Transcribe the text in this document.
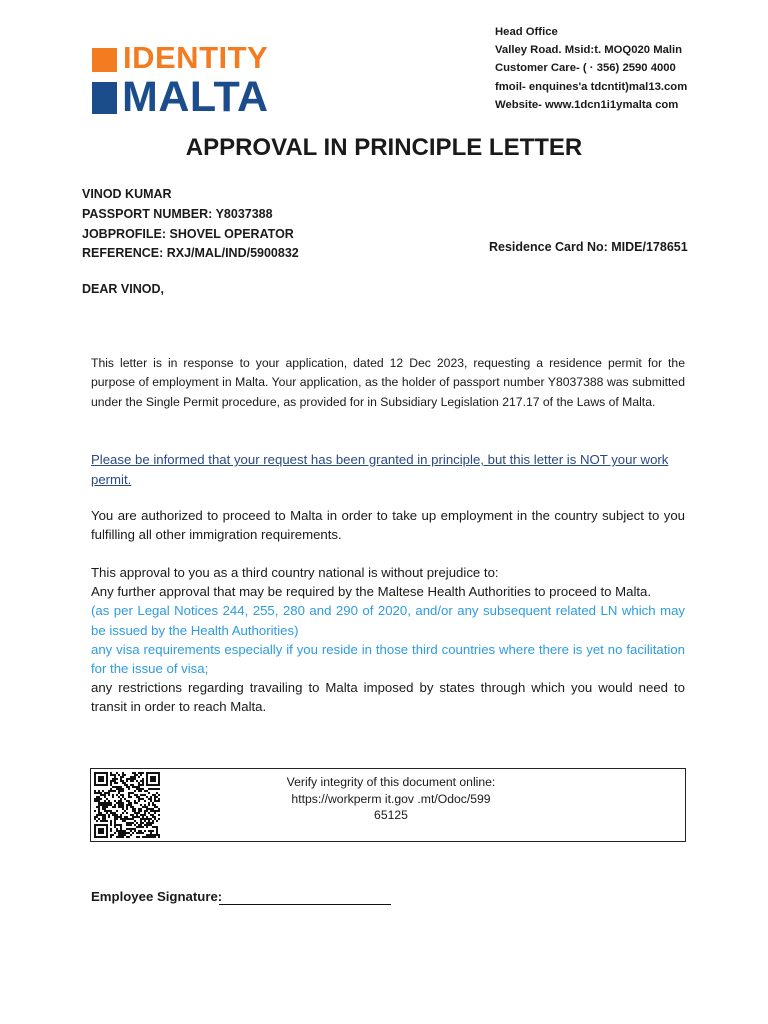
IDENTITY
MALTA
Head Office
Valley Road. Msid:t. MOQ020 Malin
Customer Care- ( · 356) 2590 4000
fmoil- enquines'a tdcntit)mal13.com
Website- www.1dcn1i1ymalta com
APPROVAL IN PRINCIPLE LETTER
VINOD KUMAR
PASSPORT NUMBER: Y8037388
JOBPROFILE: SHOVEL OPERATOR
REFERENCE: RXJ/MAL/IND/5900832	Residence Card No: MIDE/178651
DEAR VINOD,
This letter is in response to your application, dated 12 Dec 2023, requesting a residence permit for the purpose of employment in Malta. Your application, as the holder of passport number Y8037388 was submitted under the Single Permit procedure, as provided for in Subsidiary Legislation 217.17 of the Laws of Malta.
Please be informed that your request has been granted in principle, but this letter is NOT your work permit.
You are authorized to proceed to Malta in order to take up employment in the country subject to you fulfilling all other immigration requirements.
This approval to you as a third country national is without prejudice to:
Any further approval that may be required by the Maltese Health Authorities to proceed to Malta.
(as per Legal Notices 244, 255, 280 and 290 of 2020, and/or any subsequent related LN which may be issued by the Health Authorities)
any visa requirements especially if you reside in those third countries where there is yet no facilitation for the issue of visa;
any restrictions regarding travailing to Malta imposed by states through which you would need to transit in order to reach Malta.
Verify integrity of this document online:
https://workperm it.gov .mt/Odoc/599
65125
Employee Signature:
